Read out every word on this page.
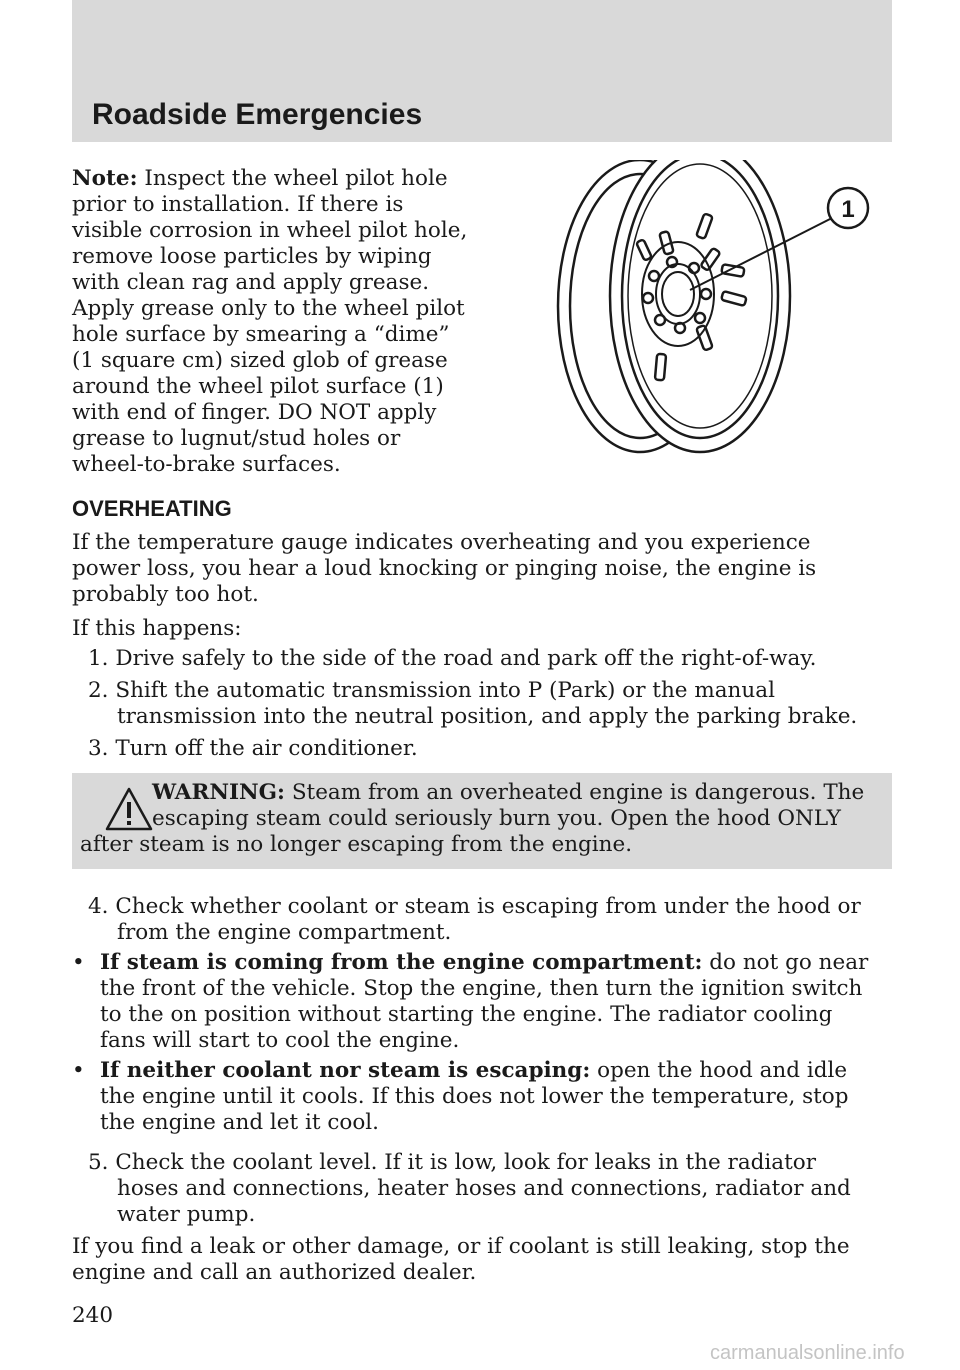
Roadside Emergencies
Note: Inspect the wheel pilot hole
prior to installation. If there is
visible corrosion in wheel pilot hole,
remove loose particles by wiping
with clean rag and apply grease.
Apply grease only to the wheel pilot
hole surface by smearing a “dime”
(1 square cm) sized glob of grease
around the wheel pilot surface (1)
with end of finger. DO NOT apply
grease to lugnut/stud holes or
wheel-to-brake surfaces.
1
OVERHEATING
If the temperature gauge indicates overheating and you experience
power loss, you hear a loud knocking or pinging noise, the engine is
probably too hot.
If this happens:
1. Drive safely to the side of the road and park off the right-of-way.
2. Shift the automatic transmission into P (Park) or the manual
transmission into the neutral position, and apply the parking brake.
3. Turn off the air conditioner.
WARNING: Steam from an overheated engine is dangerous. The
escaping steam could seriously burn you. Open the hood ONLY
after steam is no longer escaping from the engine.
4. Check whether coolant or steam is escaping from under the hood or
from the engine compartment.
• If steam is coming from the engine compartment: do not go near
the front of the vehicle. Stop the engine, then turn the ignition switch
to the on position without starting the engine. The radiator cooling
fans will start to cool the engine.
• If neither coolant nor steam is escaping: open the hood and idle
the engine until it cools. If this does not lower the temperature, stop
the engine and let it cool.
5. Check the coolant level. If it is low, look for leaks in the radiator
hoses and connections, heater hoses and connections, radiator and
water pump.
If you find a leak or other damage, or if coolant is still leaking, stop the
engine and call an authorized dealer.
240
carmanualsonline.info
